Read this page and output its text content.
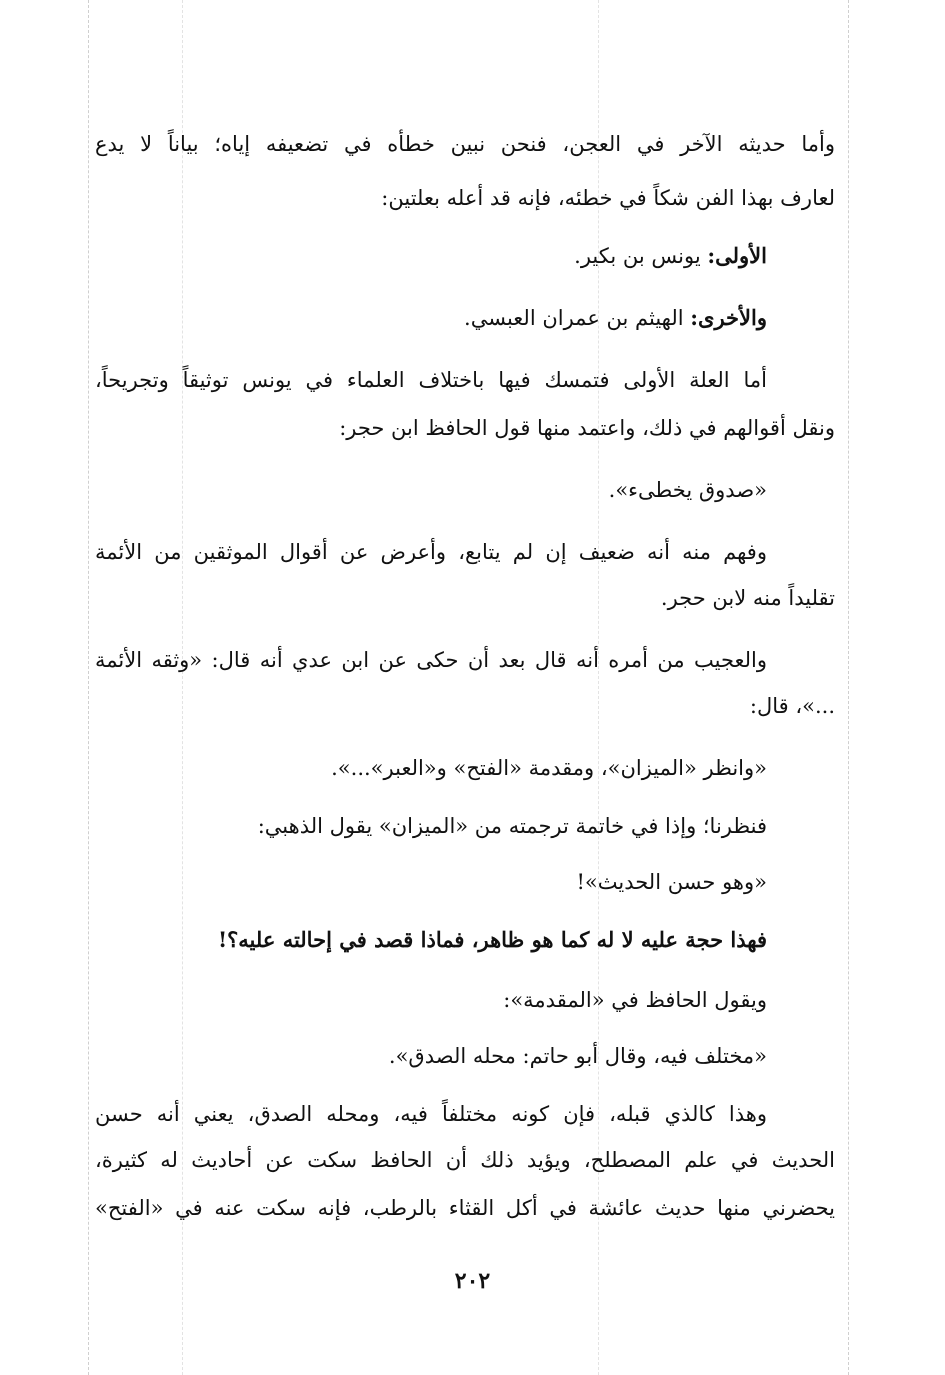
وأما حديثه الآخر في العجن، فنحن نبين خطأه في تضعيفه إياه؛ بياناً لا يدع
لعارف بهذا الفن شكاً في خطئه، فإنه قد أعله بعلتين:
الأولى: يونس بن بكير.
والأخرى: الهيثم بن عمران العبسي.
أما العلة الأولى فتمسك فيها باختلاف العلماء في يونس توثيقاً وتجريحاً،
ونقل أقوالهم في ذلك، واعتمد منها قول الحافظ ابن حجر:
«صدوق يخطىء».
وفهم منه أنه ضعيف إن لم يتابع، وأعرض عن أقوال الموثقين من الأئمة
تقليداً منه لابن حجر.
والعجيب من أمره أنه قال بعد أن حكى عن ابن عدي أنه قال: «وثقه الأئمة
...»، قال:
«وانظر «الميزان»، ومقدمة «الفتح» و«العبر»...».
فنظرنا؛ وإذا في خاتمة ترجمته من «الميزان» يقول الذهبي:
«وهو حسن الحديث»!
فهذا حجة عليه لا له كما هو ظاهر، فماذا قصد في إحالته عليه؟!
ويقول الحافظ في «المقدمة»:
«مختلف فيه، وقال أبو حاتم: محله الصدق».
وهذا كالذي قبله، فإن كونه مختلفاً فيه، ومحله الصدق، يعني أنه حسن
الحديث في علم المصطلح، ويؤيد ذلك أن الحافظ سكت عن أحاديث له كثيرة،
يحضرني منها حديث عائشة في أكل القثاء بالرطب، فإنه سكت عنه في «الفتح»
٢٠٢
